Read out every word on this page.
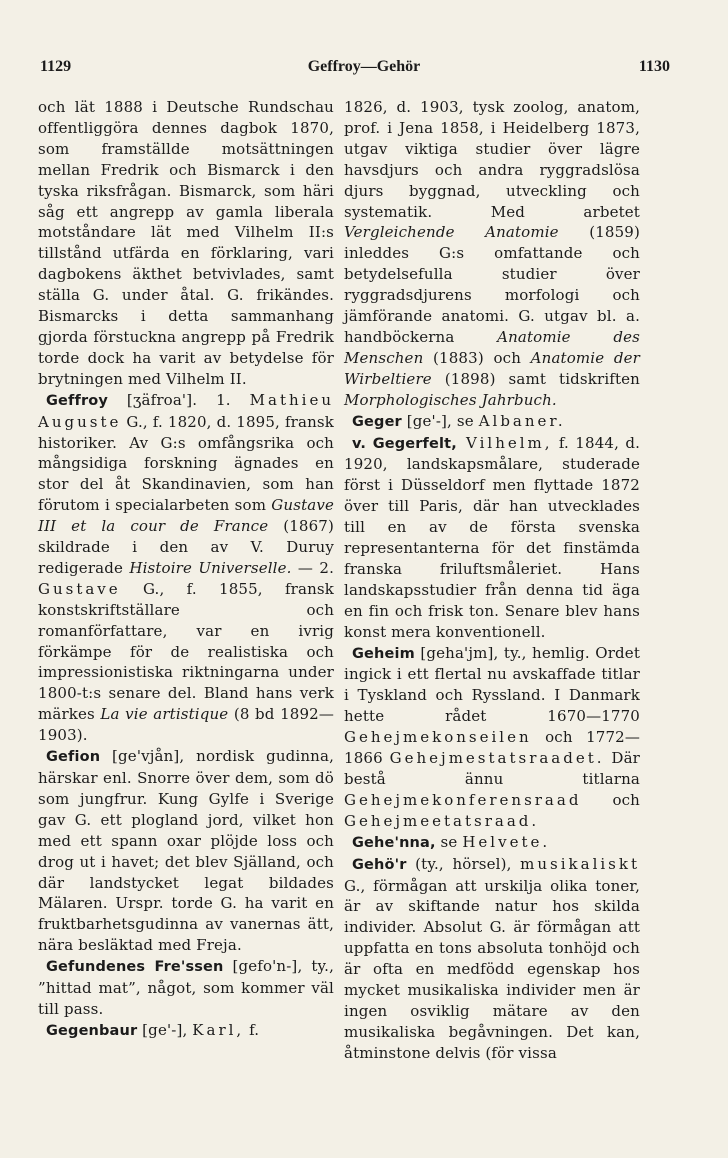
1129	Geffroy—Gehör	1130

och lät 1888 i Deutsche Rundschau offentliggöra dennes dagbok 1870, som framställde motsättningen mellan Fredrik och Bismarck i den tyska riksfrågan. Bismarck, som häri såg ett angrepp av gamla liberala motståndare lät med Vilhelm II:s tillstånd utfärda en förklaring, vari dagbokens äkthet betvivlades, samt ställa G. under åtal. G. frikändes. Bismarcks i detta sammanhang gjorda förstuckna angrepp på Fredrik torde dock ha varit av betydelse för brytningen med Vilhelm II.

Geffroy [ʒäfroa']. 1. Mathieu Auguste G., f. 1820, d. 1895, fransk historiker. Av G:s omfångsrika och mångsidiga forskning ägnades en stor del åt Skandinavien, som han förutom i specialarbeten som Gustave III et la cour de France (1867) skildrade i den av V. Duruy redigerade Histoire Universelle. — 2. Gustave G., f. 1855, fransk konstskriftställare och romanförfattare, var en ivrig förkämpe för de realistiska och impressionistiska riktningarna under 1800-t:s senare del. Bland hans verk märkes La vie artistique (8 bd 1892—1903).

Gefion [ge'vjån], nordisk gudinna, härskar enl. Snorre över dem, som dö som jungfrur. Kung Gylfe i Sverige gav G. ett plogland jord, vilket hon med ett spann oxar plöjde loss och drog ut i havet; det blev Själland, och där landstycket legat bildades Mälaren. Urspr. torde G. ha varit en fruktbarhetsgudinna av vanernas ätt, nära besläktad med Freja.

Gefundenes Fre'ssen [gefo'n-], ty., ”hittad mat”, något, som kommer väl till pass.

Gegenbaur [ge'-], Karl, f.

1826, d. 1903, tysk zoolog, anatom, prof. i Jena 1858, i Heidelberg 1873, utgav viktiga studier över lägre havsdjurs och andra ryggradslösa djurs byggnad, utveckling och systematik. Med arbetet Vergleichende Anatomie (1859) inleddes G:s omfattande och betydelsefulla studier över ryggradsdjurens morfologi och jämförande anatomi. G. utgav bl. a. handböckerna Anatomie des Menschen (1883) och Anatomie der Wirbeltiere (1898) samt tidskriften Morphologisches Jahrbuch.

Geger [ge'-], se Albaner.

v. Gegerfelt, Vilhelm, f. 1844, d. 1920, landskapsmålare, studerade först i Düsseldorf men flyttade 1872 över till Paris, där han utvecklades till en av de första svenska representanterna för det finstämda franska friluftsmåleriet. Hans landskapsstudier från denna tid äga en fin och frisk ton. Senare blev hans konst mera konventionell.

Geheim [geha'jm], ty., hemlig. Ordet ingick i ett flertal nu avskaffade titlar i Tyskland och Ryssland. I Danmark hette rådet 1670—1770 Gehejmekonseilen och 1772—1866 Gehejmestatsraadet. Där bestå ännu titlarna Gehejmekonferensraad och Gehejmeetatsraad.

Gehe'nna, se Helvete.

Gehö'r (ty., hörsel), musikaliskt G., förmågan att urskilja olika toner, är av skiftande natur hos skilda individer. Absolut G. är förmågan att uppfatta en tons absoluta tonhöjd och är ofta en medfödd egenskap hos mycket musikaliska individer men är ingen osviklig mätare av den musikaliska begåvningen. Det kan, åtminstone delvis (för vissa
